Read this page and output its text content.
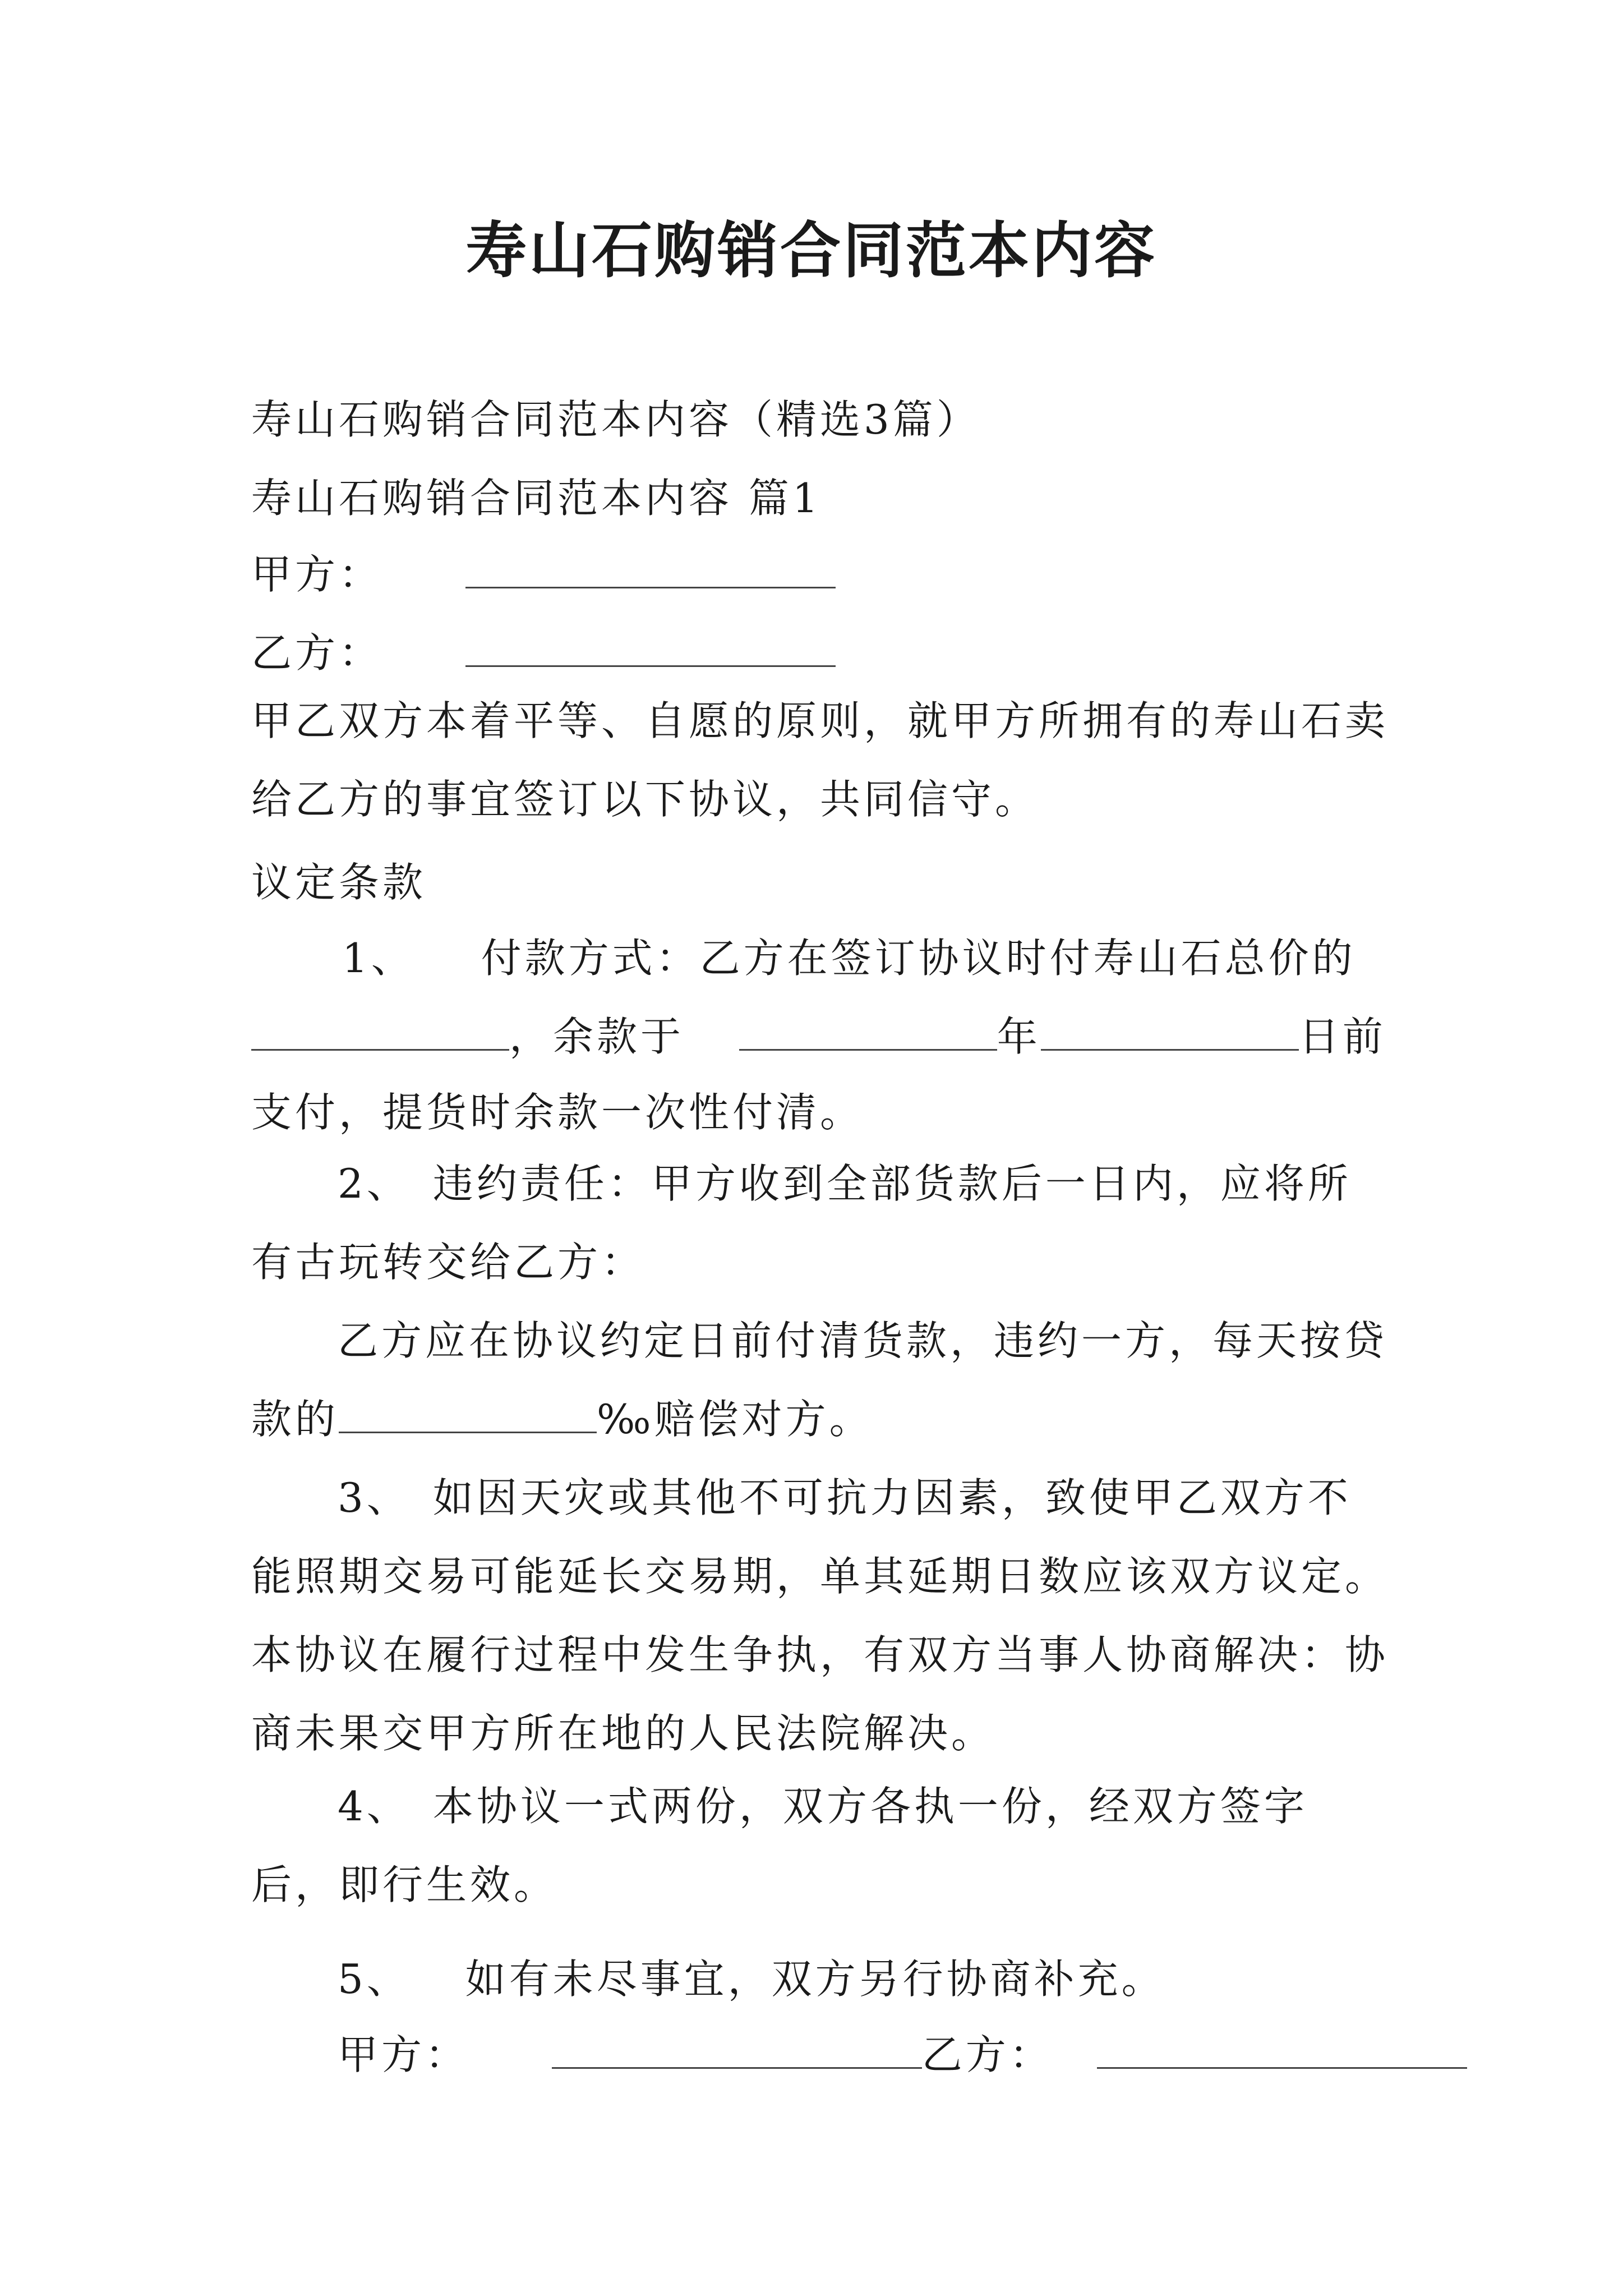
寿山石购销合同范本内容
寿山石购销合同范本内容（精选3篇）
寿山石购销合同范本内容 篇1
甲方：
乙方：
甲乙双方本着平等、自愿的原则，就甲方所拥有的寿山石卖给乙方的事宜签订以下协议，共同信守。
议定条款
1、 付款方式：乙方在签订协议时付寿山石总价的
，余款于	年	日前
支付，提货时余款一次性付清。
2、 违约责任：甲方收到全部货款后一日内，应将所有古玩转交给乙方：
乙方应在协议约定日前付清货款，违约一方，每天按贷款的	‰赔偿对方。
3、 如因天灾或其他不可抗力因素，致使甲乙双方不能照期交易可能延长交易期，单其延期日数应该双方议定。本协议在履行过程中发生争执，有双方当事人协商解决：协商未果交甲方所在地的人民法院解决。
4、 本协议一式两份，双方各执一份，经双方签字后，即行生效。
5、 如有未尽事宜，双方另行协商补充。
甲方：	乙方：
